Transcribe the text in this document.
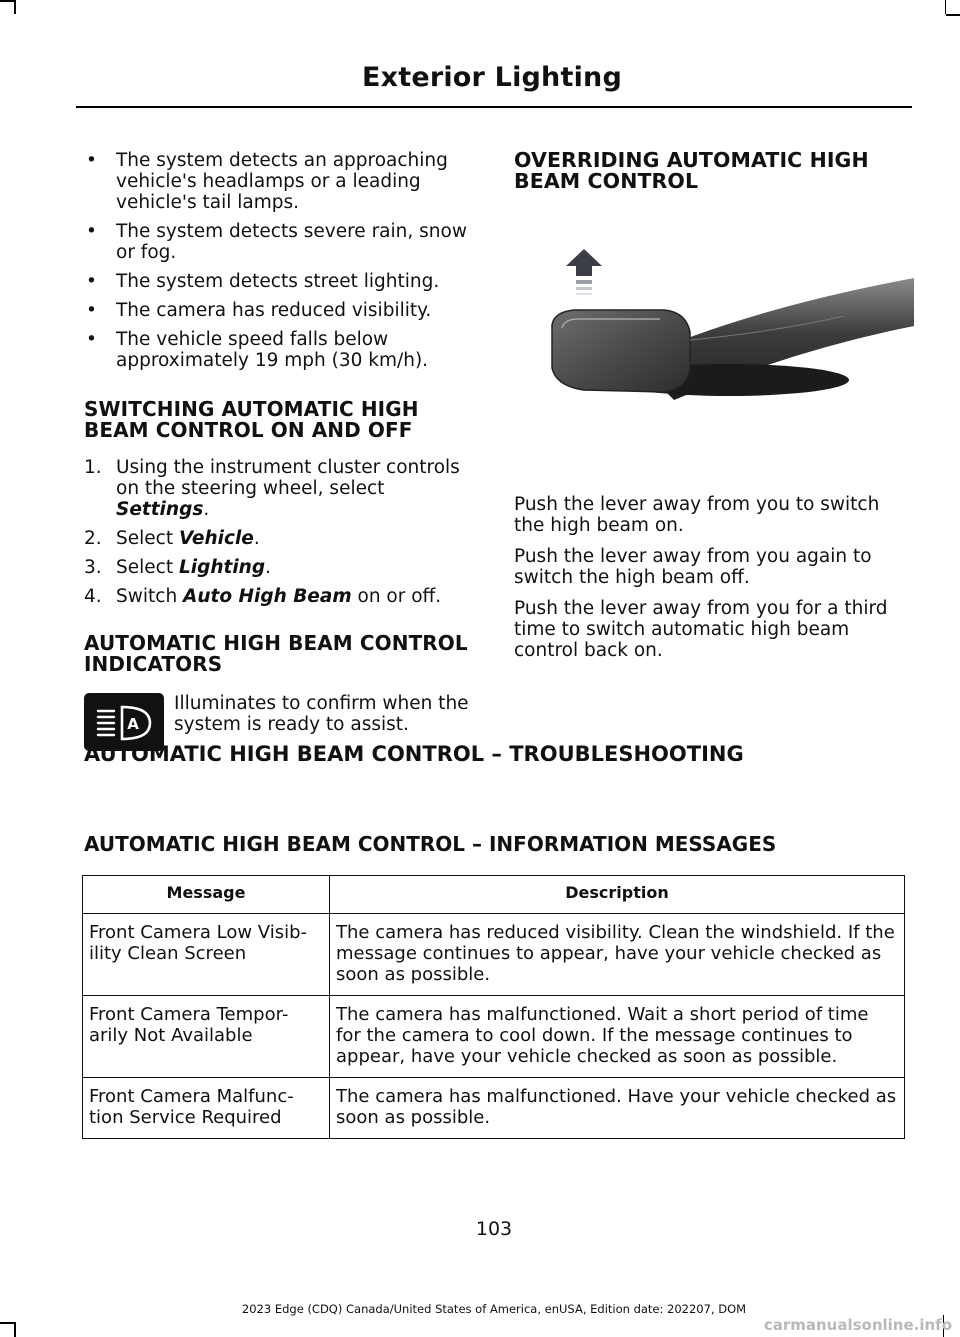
Exterior Lighting
• The system detects an approaching vehicle's headlamps or a leading vehicle's tail lamps.
• The system detects severe rain, snow or fog.
• The system detects street lighting.
• The camera has reduced visibility.
• The vehicle speed falls below approximately 19 mph (30 km/h).
SWITCHING AUTOMATIC HIGH BEAM CONTROL ON AND OFF
1. Using the instrument cluster controls on the steering wheel, select Settings.
2. Select Vehicle.
3. Select Lighting.
4. Switch Auto High Beam on or off.
AUTOMATIC HIGH BEAM CONTROL INDICATORS
A
Illuminates to confirm when the system is ready to assist.
OVERRIDING AUTOMATIC HIGH BEAM CONTROL

Push the lever away from you to switch the high beam on.

Push the lever away from you again to switch the high beam off.

Push the lever away from you for a third time to switch automatic high beam control back on.

AUTOMATIC HIGH BEAM CONTROL – TROUBLESHOOTING
AUTOMATIC HIGH BEAM CONTROL – INFORMATION MESSAGES
Message	Description
Front Camera Low Visib-ility Clean Screen	The camera has reduced visibility. Clean the windshield. If the message continues to appear, have your vehicle checked as soon as possible.
Front Camera Tempor-arily Not Available	The camera has malfunctioned. Wait a short period of time for the camera to cool down. If the message continues to appear, have your vehicle checked as soon as possible.
Front Camera Malfunc-tion Service Required	The camera has malfunctioned. Have your vehicle checked as soon as possible.
103
2023 Edge (CDQ) Canada/United States of America, enUSA, Edition date: 202207, DOM
carmanualsonline.info
